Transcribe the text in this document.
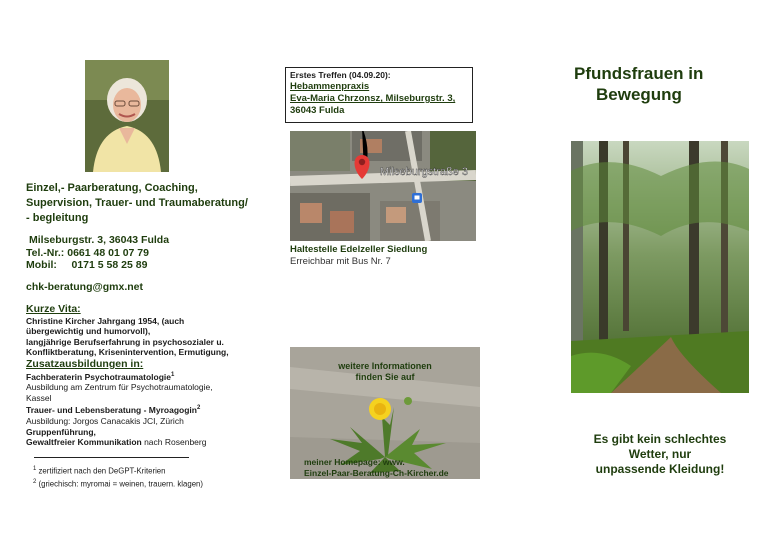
Einzel,- Paarberatung, Coaching,
Supervision, Trauer- und Traumaberatung/
- begleitung
Milseburgstr. 3, 36043 Fulda
Tel.-Nr.: 0661 48 01 07 79
Mobil: 0171 5 58 25 89
chk-beratung@gmx.net
Kurze Vita:
Christine Kircher Jahrgang 1954, (auch
übergewichtig und humorvoll),
langjährige Berufserfahrung in psychosozialer u.
Konfliktberatung, Kriseninterventi​on, Ermutigung,
Zusatzausbildungen in:
Fachberaterin Psychotraumatologie$^1$
Ausbildung am Zentrum für Psychotraumatologie,
Kassel
Trauer- und Lebensberatung - Myroagogin$^2$
Ausbildung: Jorgos Canacakis JCI, Zürich
Gruppenführung,
Gewaltfreier Kommunikation nach Rosenberg
$^1$ zertifiziert nach den DeGPT-Kriterien
$^2$ (griechisch: myromai = weinen, trauern. klagen)
Erstes Treffen (04.09.20):
Hebammenpraxis
Eva-Maria Chrzonsz, Milseburgstr. 3,
36043 Fulda
Milseburgstraße 3
Haltestelle Edelzeller Siedlung
Erreichbar mit Bus Nr. 7
weitere Informationen
finden Sie auf
meiner Homepage: www.
Einzel-Paar-Beratung-Ch-Kircher.de
Pfundsfrauen in
Bewegung
Es gibt kein schlechtes
Wetter, nur
unpassende Kleidung!
